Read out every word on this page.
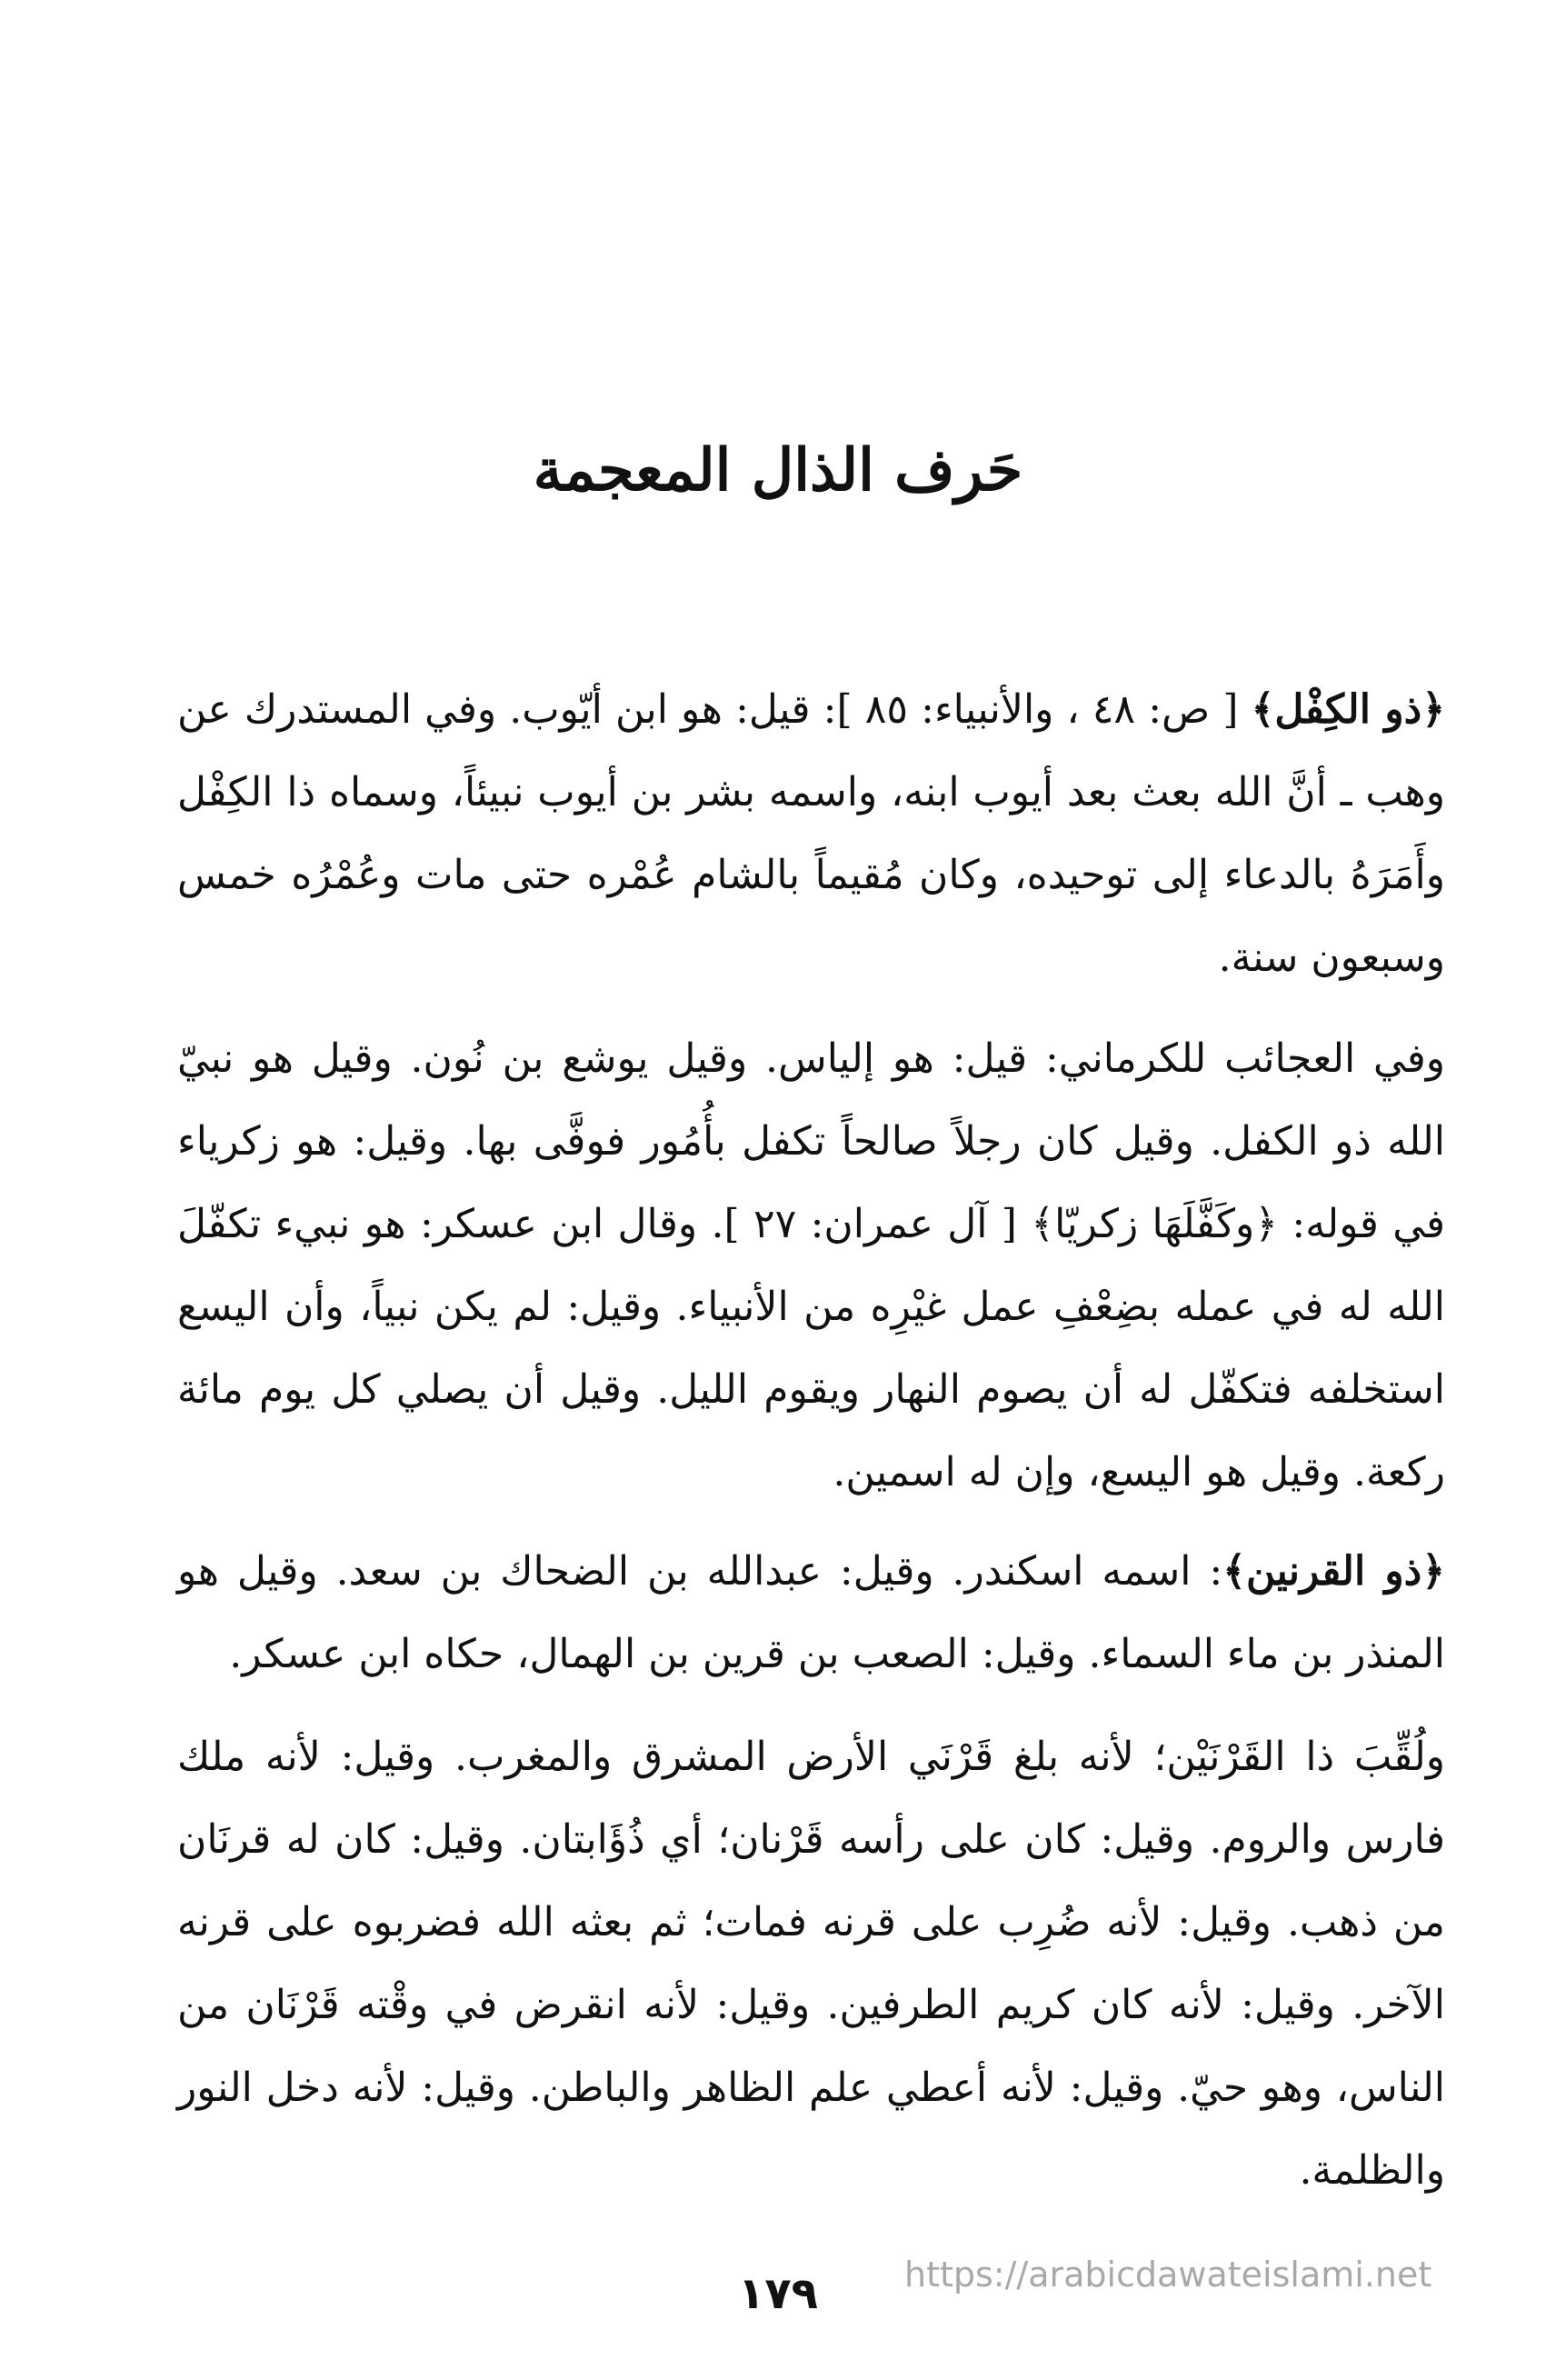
حَرف الذال المعجمة

﴿ذو الكِفْل﴾ [ ص: ٤٨ ، والأنبياء: ٨٥ ]: قيل: هو ابن أيّوب. وفي المستدرك عن وهب ـ أنَّ الله بعث بعد أيوب ابنه، واسمه بشر بن أيوب نبيئاً، وسماه ذا الكِفْل وأَمَرَهُ بالدعاء إلى توحيده، وكان مُقيماً بالشام عُمْره حتى مات وعُمْرُه خمس وسبعون سنة.

وفي العجائب للكرماني: قيل: هو إلياس. وقيل يوشع بن نُون. وقيل هو نبيّ الله ذو الكفل. وقيل كان رجلاً صالحاً تكفل بأُمُور فوفَّى بها. وقيل: هو زكرياء في قوله: ﴿وكَفَّلَهَا زكريّا﴾ [ آل عمران: ٢٧ ]. وقال ابن عسكر: هو نبيء تكفّلَ الله له في عمله بضِعْفِ عمل غيْرِه من الأنبياء. وقيل: لم يكن نبياً، وأن اليسع استخلفه فتكفّل له أن يصوم النهار ويقوم الليل. وقيل أن يصلي كل يوم مائة ركعة. وقيل هو اليسع، وإن له اسمين.

﴿ذو القرنين﴾: اسمه اسكندر. وقيل: عبدالله بن الضحاك بن سعد. وقيل هو المنذر بن ماء السماء. وقيل: الصعب بن قرين بن الهمال، حكاه ابن عسكر.

ولُقِّبَ ذا القَرْنَيْن؛ لأنه بلغ قَرْنَي الأرض المشرق والمغرب. وقيل: لأنه ملك فارس والروم. وقيل: كان على رأسه قَرْنان؛ أي ذُؤَابتان. وقيل: كان له قرنَان من ذهب. وقيل: لأنه ضُرِب على قرنه فمات؛ ثم بعثه الله فضربوه على قرنه الآخر. وقيل: لأنه كان كريم الطرفين. وقيل: لأنه انقرض في وقْته قَرْنَان من الناس، وهو حيّ. وقيل: لأنه أعطي علم الظاهر والباطن. وقيل: لأنه دخل النور والظلمة.

https://arabicdawateislami.net
١٧٩
